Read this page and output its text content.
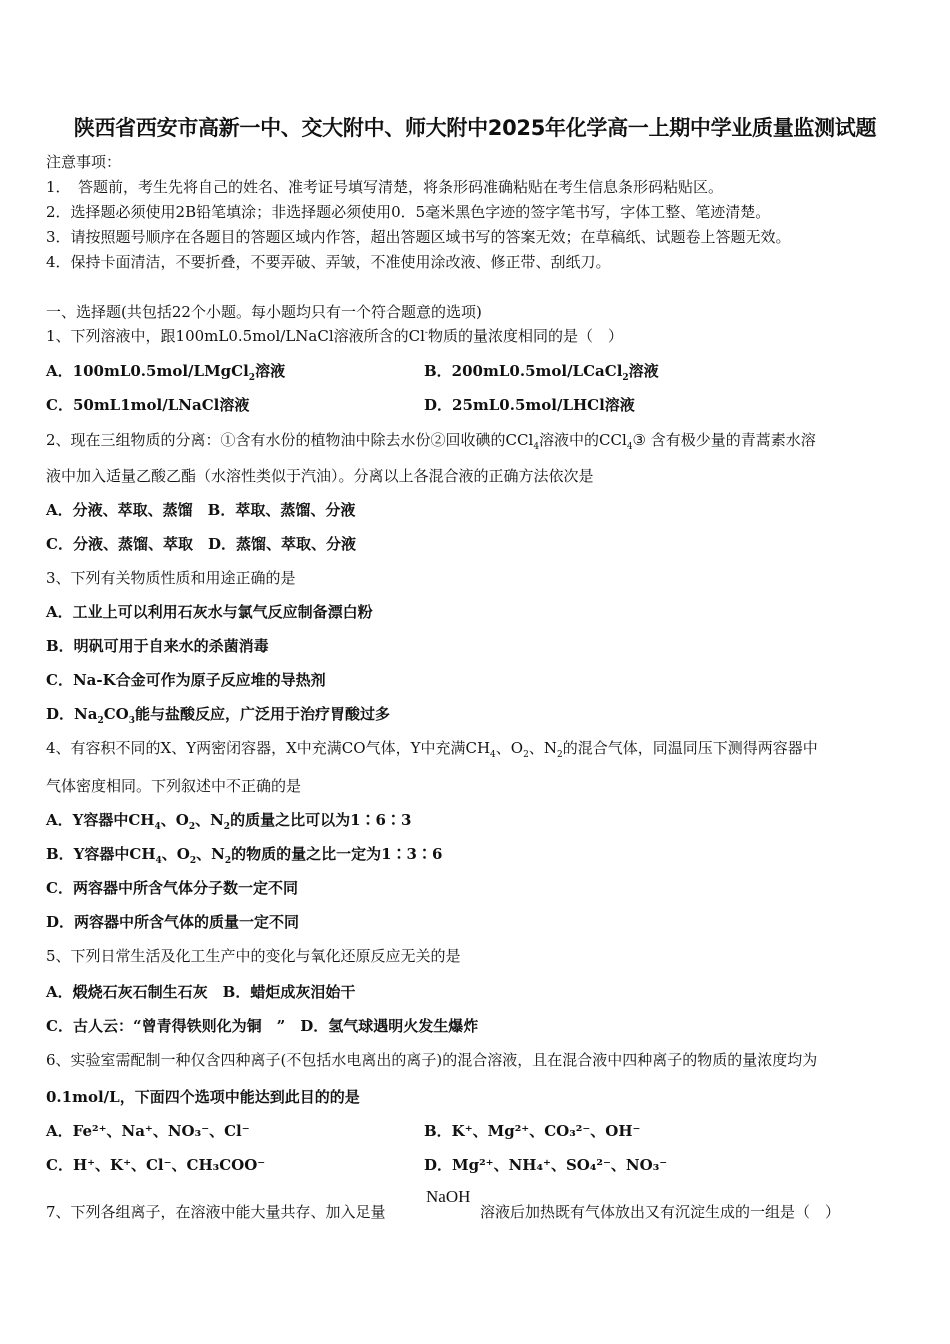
陕西省西安市高新一中、交大附中、师大附中2025年化学高一上期中学业质量监测试题
注意事项：
1．　答题前，考生先将自己的姓名、准考证号填写清楚，将条形码准确粘贴在考生信息条形码粘贴区。
2．选择题必须使用2B铅笔填涂；非选择题必须使用0．5毫米黑色字迹的签字笔书写，字体工整、笔迹清楚。
3．请按照题号顺序在各题目的答题区域内作答，超出答题区域书写的答案无效；在草稿纸、试题卷上答题无效。
4．保持卡面清洁，不要折叠，不要弄破、弄皱，不准使用涂改液、修正带、刮纸刀。
一、选择题(共包括22个小题。每小题均只有一个符合题意的选项)
1、下列溶液中，跟100mL0.5mol/LNaCl溶液所含的Cl-物质的量浓度相同的是（　）
A．100mL0.5mol/LMgCl$_2$溶液	B．200mL0.5mol/LCaCl$_2$溶液
C．50mL1mol/LNaCl溶液	D．25mL0.5mol/LHCl溶液
2、现在三组物质的分离：①含有水份的植物油中除去水份②回收碘的CCl$_4$溶液中的CCl$_4$③ 含有极少量的青蒿素水溶
液中加入适量乙酸乙酯（水溶性类似于汽油）。分离以上各混合液的正确方法依次是
A．分液、萃取、蒸馏　B．萃取、蒸馏、分液
C．分液、蒸馏、萃取　D．蒸馏、萃取、分液
3、下列有关物质性质和用途正确的是
A．工业上可以利用石灰水与氯气反应制备漂白粉
B．明矾可用于自来水的杀菌消毒
C．Na-K合金可作为原子反应堆的导热剂
D．$Na_2CO_3$能与盐酸反应，广泛用于治疗胃酸过多
4、有容积不同的X、Y两密闭容器，X中充满CO气体，Y中充满$CH_4$、$O_2$、$N_2$的混合气体，同温同压下测得两容器中
气体密度相同。下列叙述中不正确的是
A．Y容器中$CH_4$、$O_2$、$N_2$的质量之比可以为1∶6∶3
B．Y容器中$CH_4$、$O_2$、$N_2$的物质的量之比一定为1∶3∶6
C．两容器中所含气体分子数一定不同
D．两容器中所含气体的质量一定不同
5、下列日常生活及化工生产中的变化与氧化还原反应无关的是
A．煅烧石灰石制生石灰　B．蜡炬成灰泪始干
C．古人云：“曾青得铁则化为铜　”　D．氢气球遇明火发生爆炸
6、实验室需配制一种仅含四种离子(不包括水电离出的离子)的混合溶液，且在混合液中四种离子的物质的量浓度均为
0.1mol/L，下面四个选项中能达到此目的的是
A．Fe²⁺、Na⁺、NO₃⁻、Cl⁻	B．K⁺、Mg²⁺、CO₃²⁻、OH⁻
C．H⁺、K⁺、Cl⁻、CH₃COO⁻	D．Mg²⁺、NH₄⁺、SO₄²⁻、NO₃⁻
7、下列各组离子，在溶液中能大量共存、加入足量
NaOH
溶液后加热既有气体放出又有沉淀生成的一组是（　）
